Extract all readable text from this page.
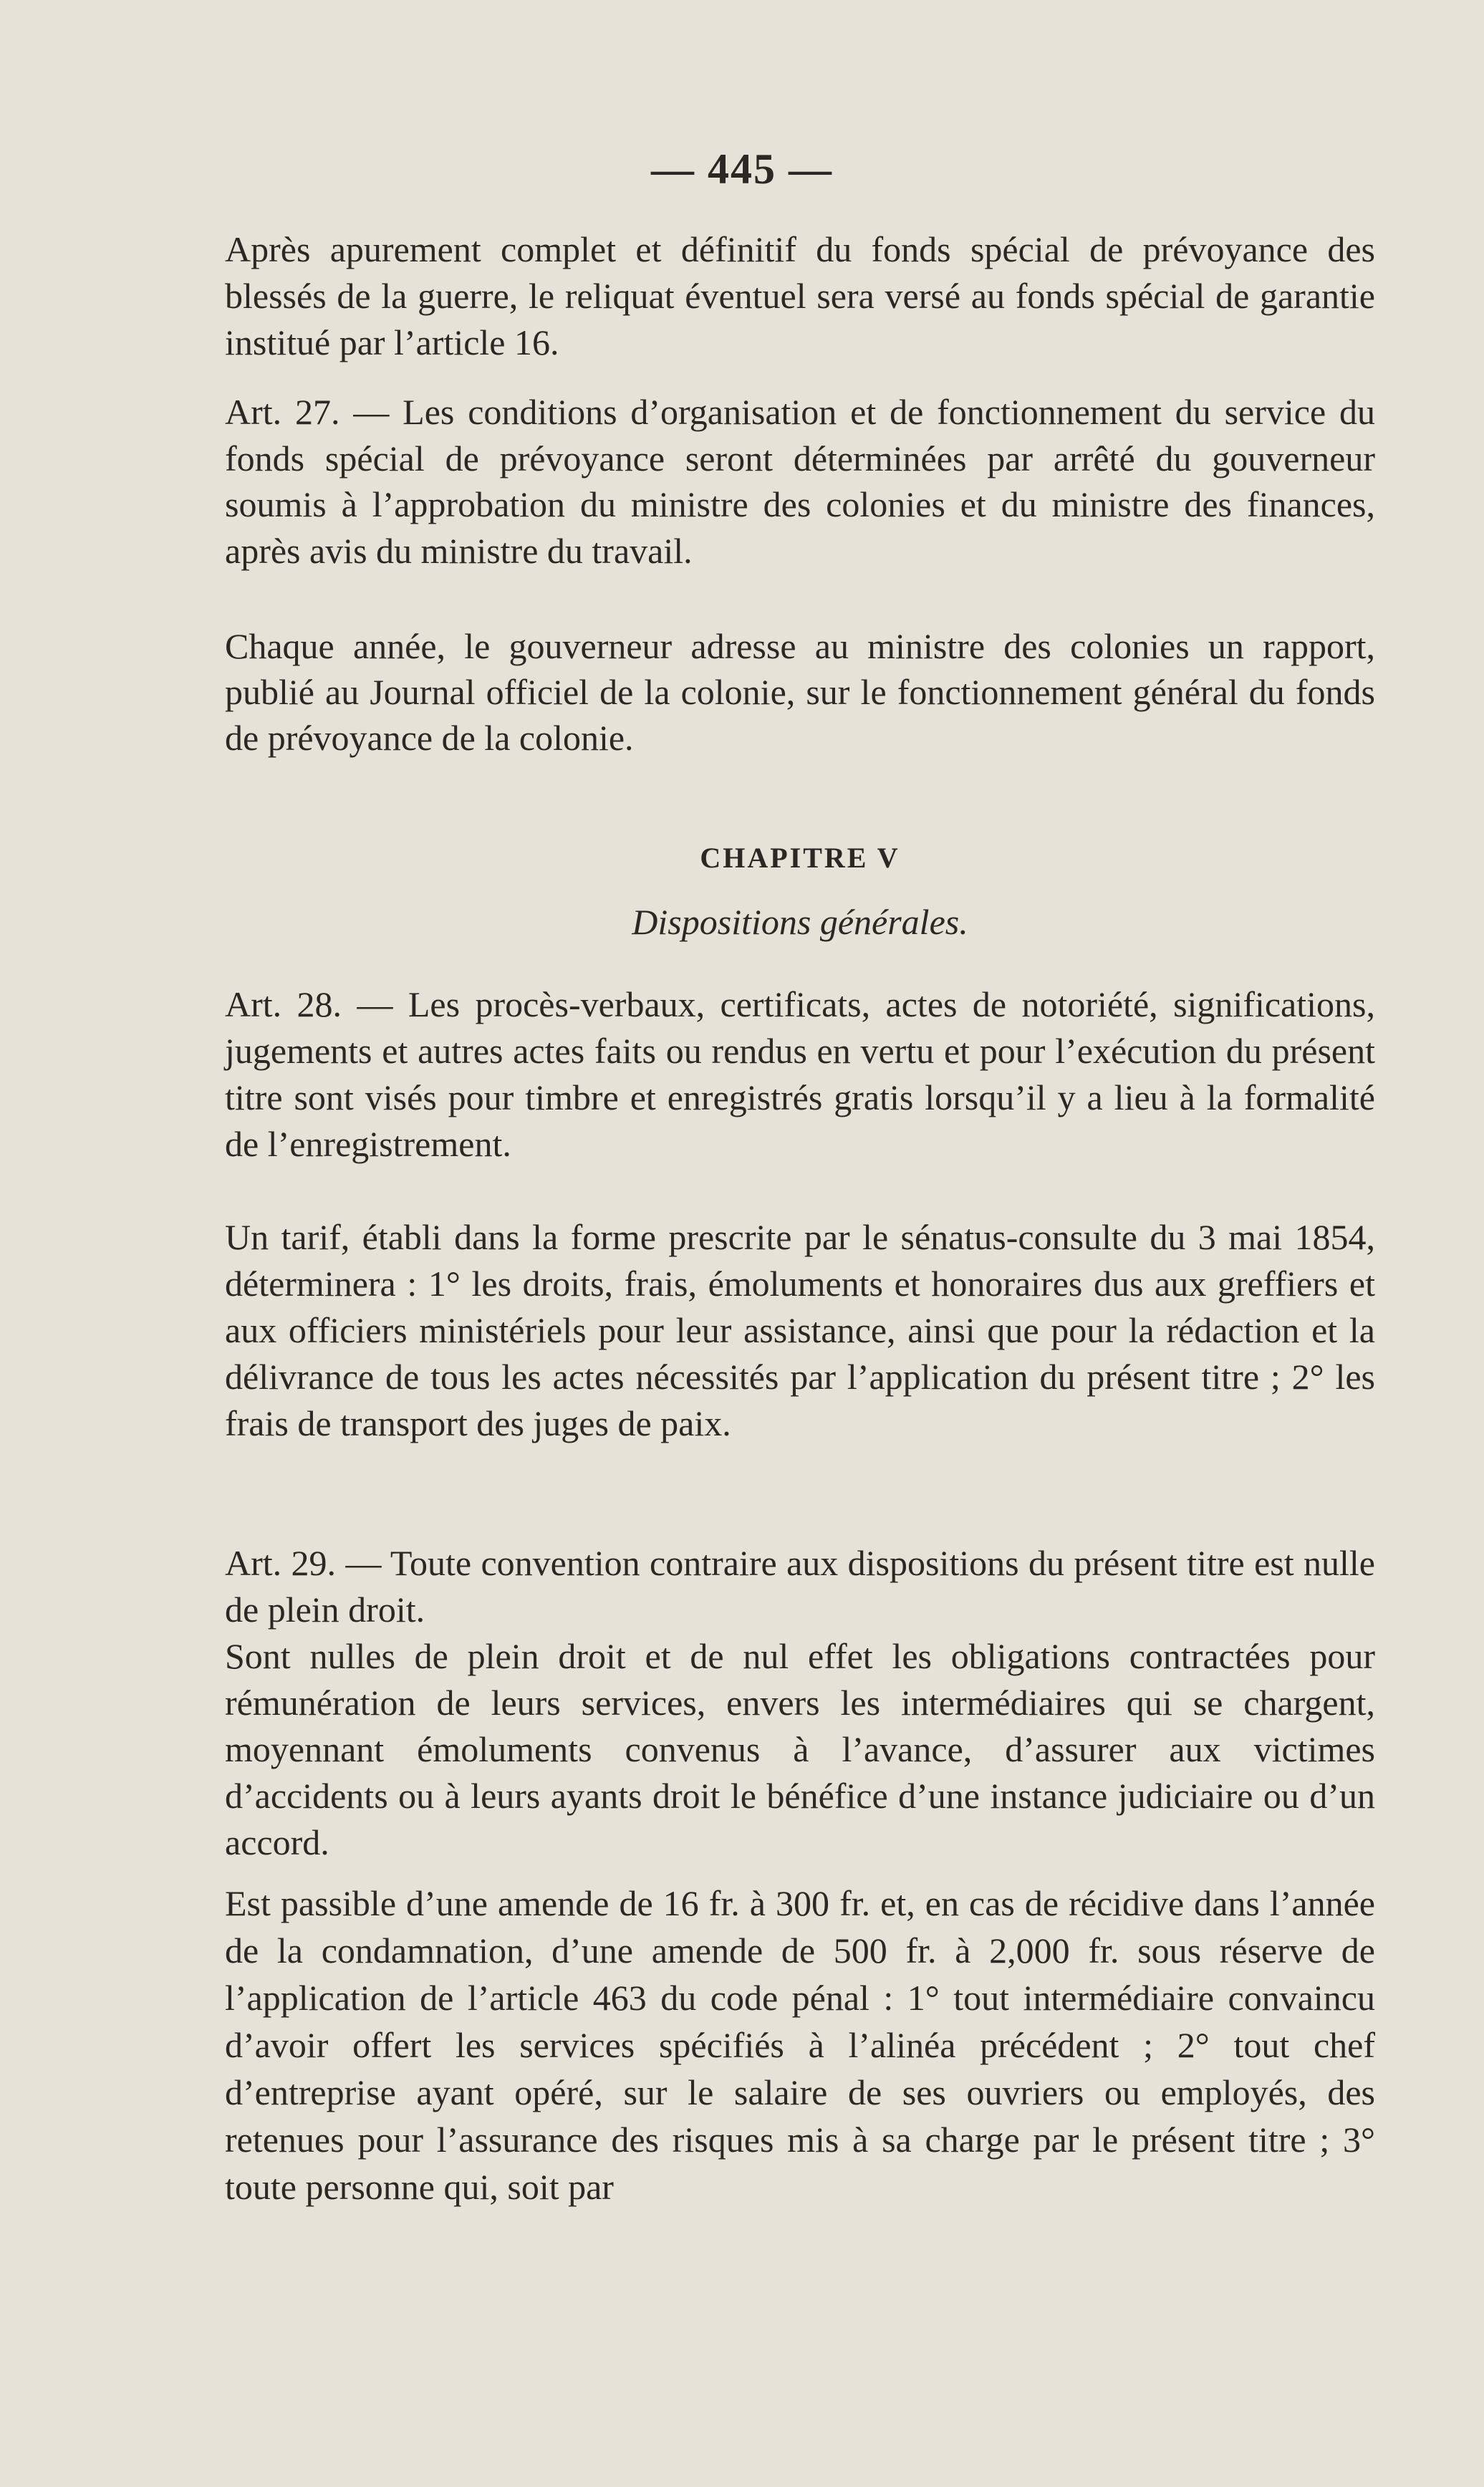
— 445 —

Après apurement complet et définitif du fonds spécial de prévoyance des blessés de la guerre, le reliquat éventuel sera versé au fonds spécial de garantie institué par l’article 16.

Art. 27. — Les conditions d’organisation et de fonctionnement du service du fonds spécial de prévoyance seront déterminées par arrêté du gouverneur soumis à l’approbation du ministre des colonies et du ministre des finances, après avis du ministre du travail.

Chaque année, le gouverneur adresse au ministre des colonies un rapport, publié au Journal officiel de la colonie, sur le fonctionnement général du fonds de prévoyance de la colonie.

CHAPITRE V
Dispositions générales.

Art. 28. — Les procès-verbaux, certificats, actes de notoriété, significations, jugements et autres actes faits ou rendus en vertu et pour l’exécution du présent titre sont visés pour timbre et enregistrés gratis lorsqu’il y a lieu à la formalité de l’enregistrement.

Un tarif, établi dans la forme prescrite par le sénatus-consulte du 3 mai 1854, déterminera : 1° les droits, frais, émoluments et honoraires dus aux greffiers et aux officiers ministériels pour leur assistance, ainsi que pour la rédaction et la délivrance de tous les actes nécessités par l’application du présent titre ; 2° les frais de transport des juges de paix.

Art. 29. — Toute convention contraire aux dispositions du présent titre est nulle de plein droit.

Sont nulles de plein droit et de nul effet les obligations contractées pour rémunération de leurs services, envers les intermédiaires qui se chargent, moyennant émoluments convenus à l’avance, d’assurer aux victimes d’accidents ou à leurs ayants droit le bénéfice d’une instance judiciaire ou d’un accord.

Est passible d’une amende de 16 fr. à 300 fr. et, en cas de récidive dans l’année de la condamnation, d’une amende de 500 fr. à 2,000 fr. sous réserve de l’application de l’article 463 du code pénal : 1° tout intermédiaire convaincu d’avoir offert les services spécifiés à l’alinéa précédent ; 2° tout chef d’entreprise ayant opéré, sur le salaire de ses ouvriers ou employés, des retenues pour l’assurance des risques mis à sa charge par le présent titre ; 3° toute personne qui, soit par
